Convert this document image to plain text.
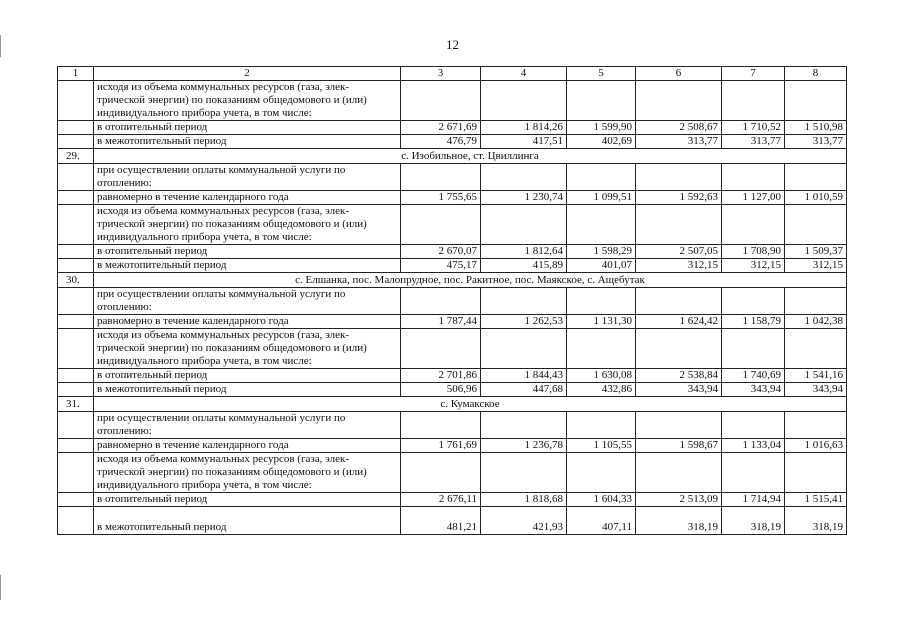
12
1	2	3	4	5	6	7	8
	исходя из объема коммунальных ресурсов (газа, элек-трической энергии) по показаниям общедомового и (или) индивидуального прибора учета, в том числе:						
	в отопительный период	2 671,69	1 814,26	1 599,90	2 508,67	1 710,52	1 510,98
	в межотопительный период	476,79	417,51	402,69	313,77	313,77	313,77
29.	с. Изобильное, ст. Цвиллинга						
	при осуществлении оплаты коммунальной услуги по отоплению:						
	равномерно в течение календарного года	1 755,65	1 230,74	1 099,51	1 592,63	1 127,00	1 010,59
	исходя из объема коммунальных ресурсов (газа, элек-трической энергии) по показаниям общедомового и (или) индивидуального прибора учета, в том числе:						
	в отопительный период	2 670,07	1 812,64	1 598,29	2 507,05	1 708,90	1 509,37
	в межотопительный период	475,17	415,89	401,07	312,15	312,15	312,15
30.	с. Елшанка, пос. Малопрудное, пос. Ракитное, пос. Маякское, с. Ащебутак						
	при осуществлении оплаты коммунальной услуги по отоплению:						
	равномерно в течение календарного года	1 787,44	1 262,53	1 131,30	1 624,42	1 158,79	1 042,38
	исходя из объема коммунальных ресурсов (газа, элек-трической энергии) по показаниям общедомового и (или) индивидуального прибора учета, в том числе:						
	в отопительный период	2 701,86	1 844,43	1 630,08	2 538,84	1 740,69	1 541,16
	в межотопительный период	506,96	447,68	432,86	343,94	343,94	343,94
31.	с. Кумакское						
	при осуществлении оплаты коммунальной услуги по отоплению:						
	равномерно в течение календарного года	1 761,69	1 236,78	1 105,55	1 598,67	1 133,04	1 016,63
	исходя из объема коммунальных ресурсов (газа, элек-трической энергии) по показаниям общедомового и (или) индивидуального прибора учета, в том числе:						
	в отопительный период	2 676,11	1 818,68	1 604,33	2 513,09	1 714,94	1 515,41
	в межотопительный период	481,21	421,93	407,11	318,19	318,19	318,19
